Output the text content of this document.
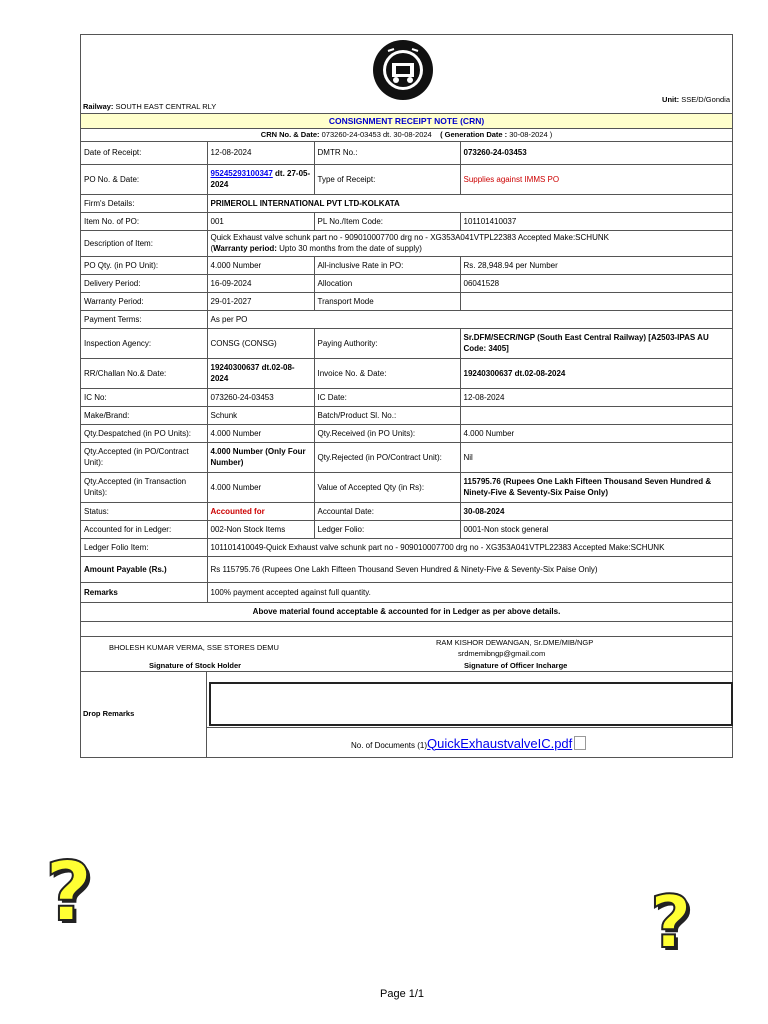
Railway: SOUTH EAST CENTRAL RLY
Unit: SSE/D/Gondia
CONSIGNMENT RECEIPT NOTE (CRN)
CRN No. & Date: 073260-24-03453 dt. 30-08-2024 ( Generation Date : 30-08-2024 )
Date of Receipt:	12-08-2024	DMTR No.:	073260-24-03453
PO No. & Date:	95245293100347 dt. 27-05-2024	Type of Receipt:	Supplies against IMMS PO
Firm's Details:	PRIMEROLL INTERNATIONAL PVT LTD-KOLKATA		
Item No. of PO:	001	PL No./Item Code:	101101410037
Description of Item:	Quick Exhaust valve schunk part no - 909010007700 drg no - XG353A041VTPL22383 Accepted Make:SCHUNK
(Warranty period: Upto 30 months from the date of supply)		
PO Qty. (in PO Unit):	4.000 Number	All-inclusive Rate in PO:	Rs. 28,948.94 per Number
Delivery Period:	16-09-2024	Allocation	06041528
Warranty Period:	29-01-2027	Transport Mode	
Payment Terms:	As per PO		
Inspection Agency:	CONSG (CONSG)	Paying Authority:	Sr.DFM/SECR/NGP (South East Central Railway) [A2503-IPAS AU Code: 3405]
RR/Challan No.& Date:	19240300637 dt.02-08-2024	Invoice No. & Date:	19240300637 dt.02-08-2024
IC No:	073260-24-03453	IC Date:	12-08-2024
Make/Brand:	Schunk	Batch/Product Sl. No.:	
Qty.Despatched (in PO Units):	4.000 Number	Qty.Received (in PO Units):	4.000 Number
Qty.Accepted (in PO/Contract Unit):	4.000 Number (Only Four Number)	Qty.Rejected (in PO/Contract Unit):	Nil
Qty.Accepted (in Transaction Units):	4.000 Number	Value of Accepted Qty (in Rs):	115795.76 (Rupees One Lakh Fifteen Thousand Seven Hundred & Ninety-Five & Seventy-Six Paise Only)
Status:	Accounted for	Accountal Date:	30-08-2024
Accounted for in Ledger:	002-Non Stock Items	Ledger Folio:	0001-Non stock general
Ledger Folio Item:	101101410049-Quick Exhaust valve schunk part no - 909010007700 drg no - XG353A041VTPL22383 Accepted Make:SCHUNK		
Amount Payable (Rs.)	Rs 115795.76 (Rupees One Lakh Fifteen Thousand Seven Hundred & Ninety-Five & Seventy-Six Paise Only)		
Remarks	100% payment accepted against full quantity.		
Above material found acceptable & accounted for in Ledger as per above details.
BHOLESH KUMAR VERMA, SSE STORES DEMU
RAM KISHOR DEWANGAN, Sr.DME/MIB/NGP
srdmemibngp@gmail.com
Signature of Stock Holder	Signature of Officer Incharge
Drop Remarks
No. of Documents (1)QuickExhaustvalveIC.pdf
?	?
Page 1/1
